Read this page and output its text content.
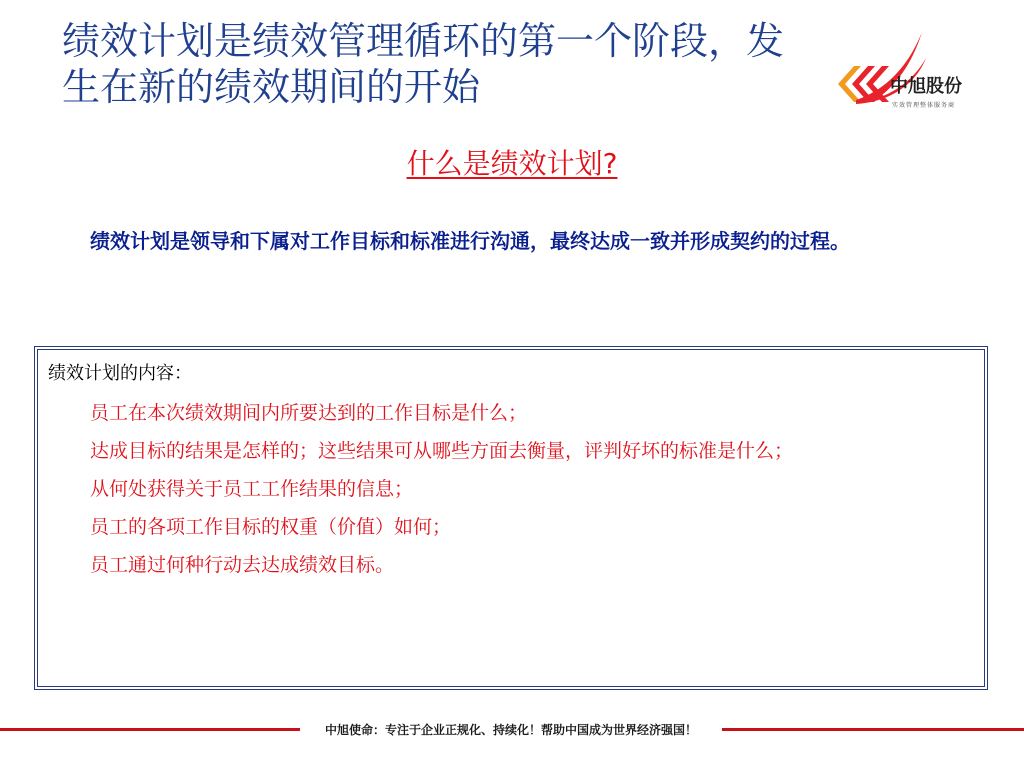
绩效计划是绩效管理循环的第一个阶段，发生在新的绩效期间的开始	中旭股份
实效管理整体服务商
什么是绩效计划?

绩效计划是领导和下属对工作目标和标准进行沟通，最终达成一致并形成契约的过程。

绩效计划的内容：

员工在本次绩效期间内所要达到的工作目标是什么；
达成目标的结果是怎样的；这些结果可从哪些方面去衡量，评判好坏的标准是什么；
从何处获得关于员工工作结果的信息；
员工的各项工作目标的权重（价值）如何；
员工通过何种行动去达成绩效目标。
中旭使命：专注于企业正规化、持续化！帮助中国成为世界经济强国！
